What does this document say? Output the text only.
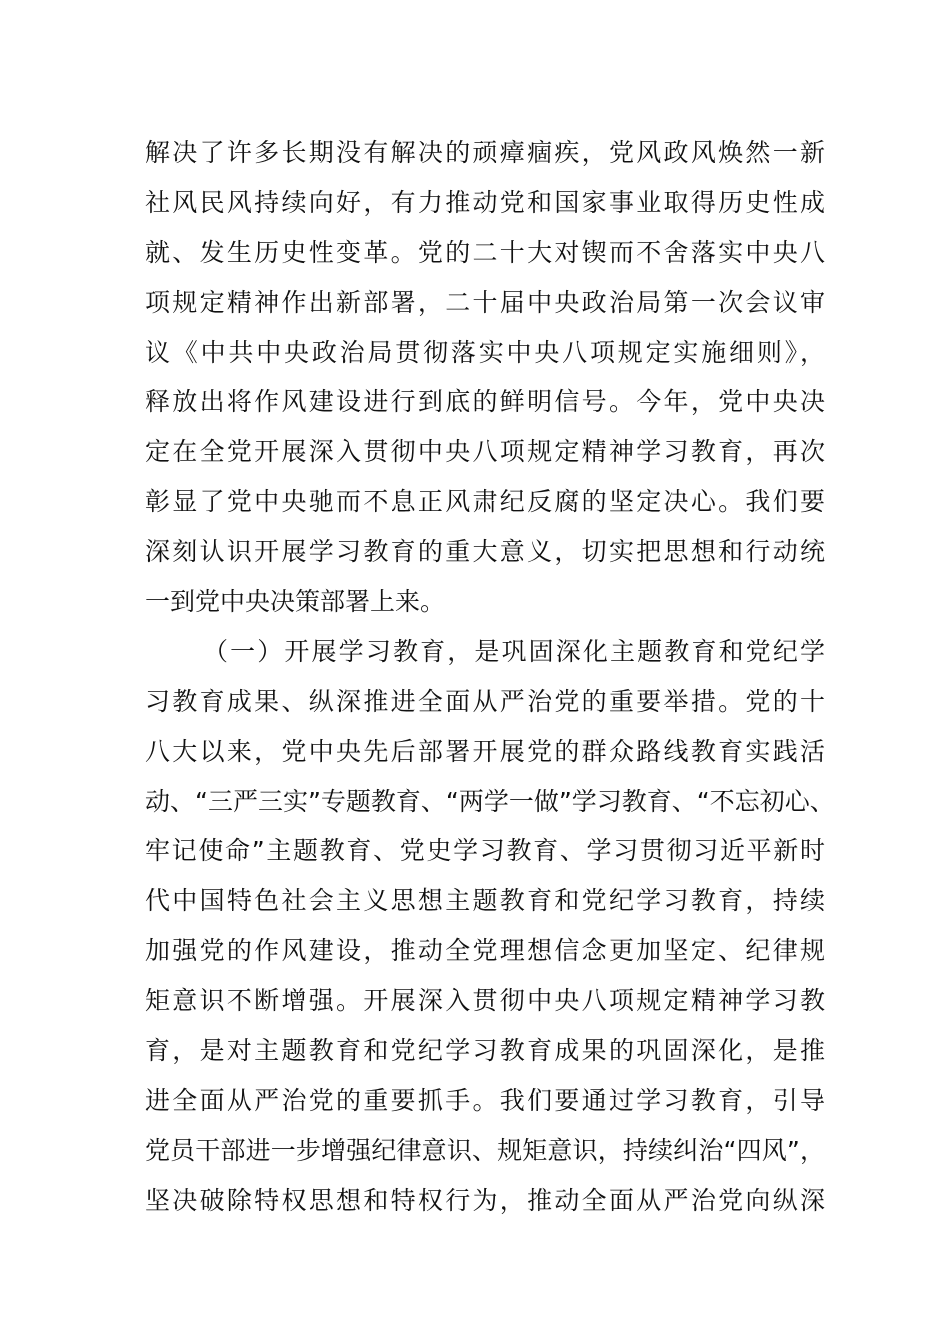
解决了许多长期没有解决的顽瘴痼疾，党风政风焕然一新
社风民风持续向好，有力推动党和国家事业取得历史性成
就、发生历史性变革。党的二十大对锲而不舍落实中央八
项规定精神作出新部署，二十届中央政治局第一次会议审
议《中共中央政治局贯彻落实中央八项规定实施细则》，
释放出将作风建设进行到底的鲜明信号。今年，党中央决
定在全党开展深入贯彻中央八项规定精神学习教育，再次
彰显了党中央驰而不息正风肃纪反腐的坚定决心。我们要
深刻认识开展学习教育的重大意义，切实把思想和行动统
一到党中央决策部署上来。
（一）开展学习教育，是巩固深化主题教育和党纪学
习教育成果、纵深推进全面从严治党的重要举措。党的十
八大以来，党中央先后部署开展党的群众路线教育实践活
动、“三严三实”专题教育、“两学一做”学习教育、“不忘初心、
牢记使命”主题教育、党史学习教育、学习贯彻习近平新时
代中国特色社会主义思想主题教育和党纪学习教育，持续
加强党的作风建设，推动全党理想信念更加坚定、纪律规
矩意识不断增强。开展深入贯彻中央八项规定精神学习教
育，是对主题教育和党纪学习教育成果的巩固深化，是推
进全面从严治党的重要抓手。我们要通过学习教育，引导
党员干部进一步增强纪律意识、规矩意识，持续纠治“四风”，
坚决破除特权思想和特权行为，推动全面从严治党向纵深
